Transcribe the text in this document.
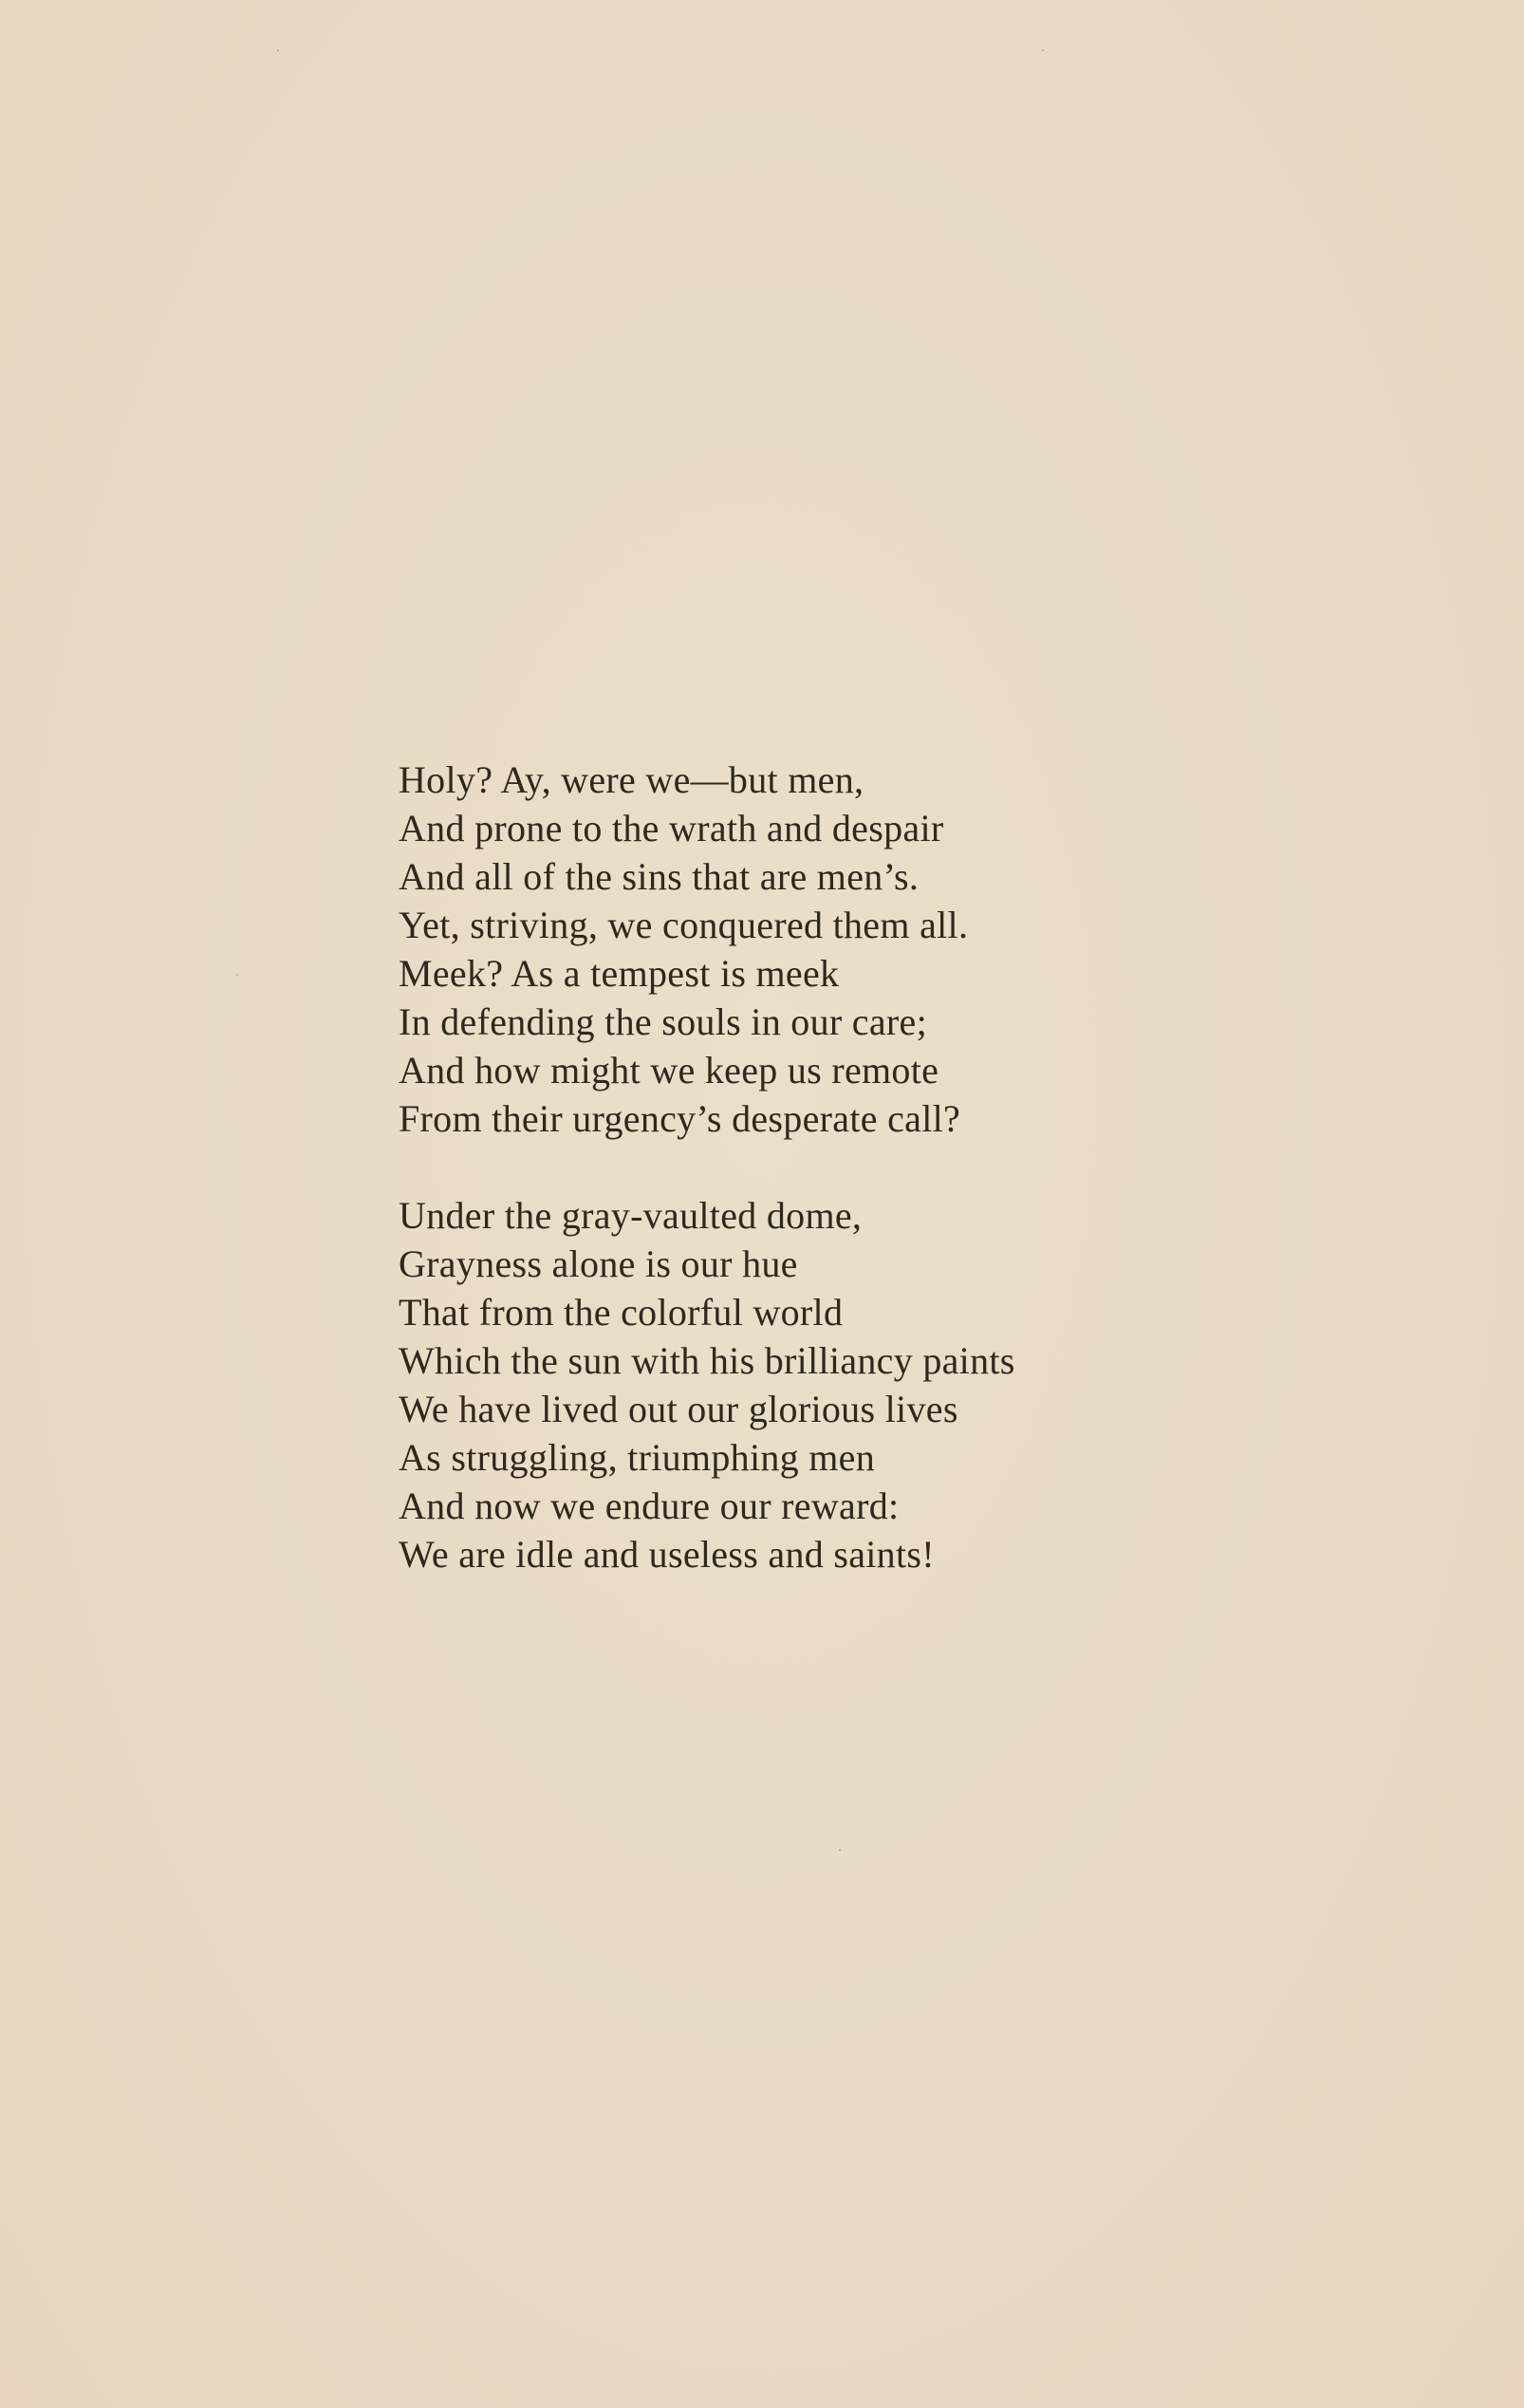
Holy? Ay, were we—but men,
And prone to the wrath and despair
And all of the sins that are men’s.
Yet, striving, we conquered them all.
Meek? As a tempest is meek
In defending the souls in our care;
And how might we keep us remote
From their urgency’s desperate call?
Under the gray-vaulted dome,
Grayness alone is our hue
That from the colorful world
Which the sun with his brilliancy paints
We have lived out our glorious lives
As struggling, triumphing men
And now we endure our reward:
We are idle and useless and saints!
